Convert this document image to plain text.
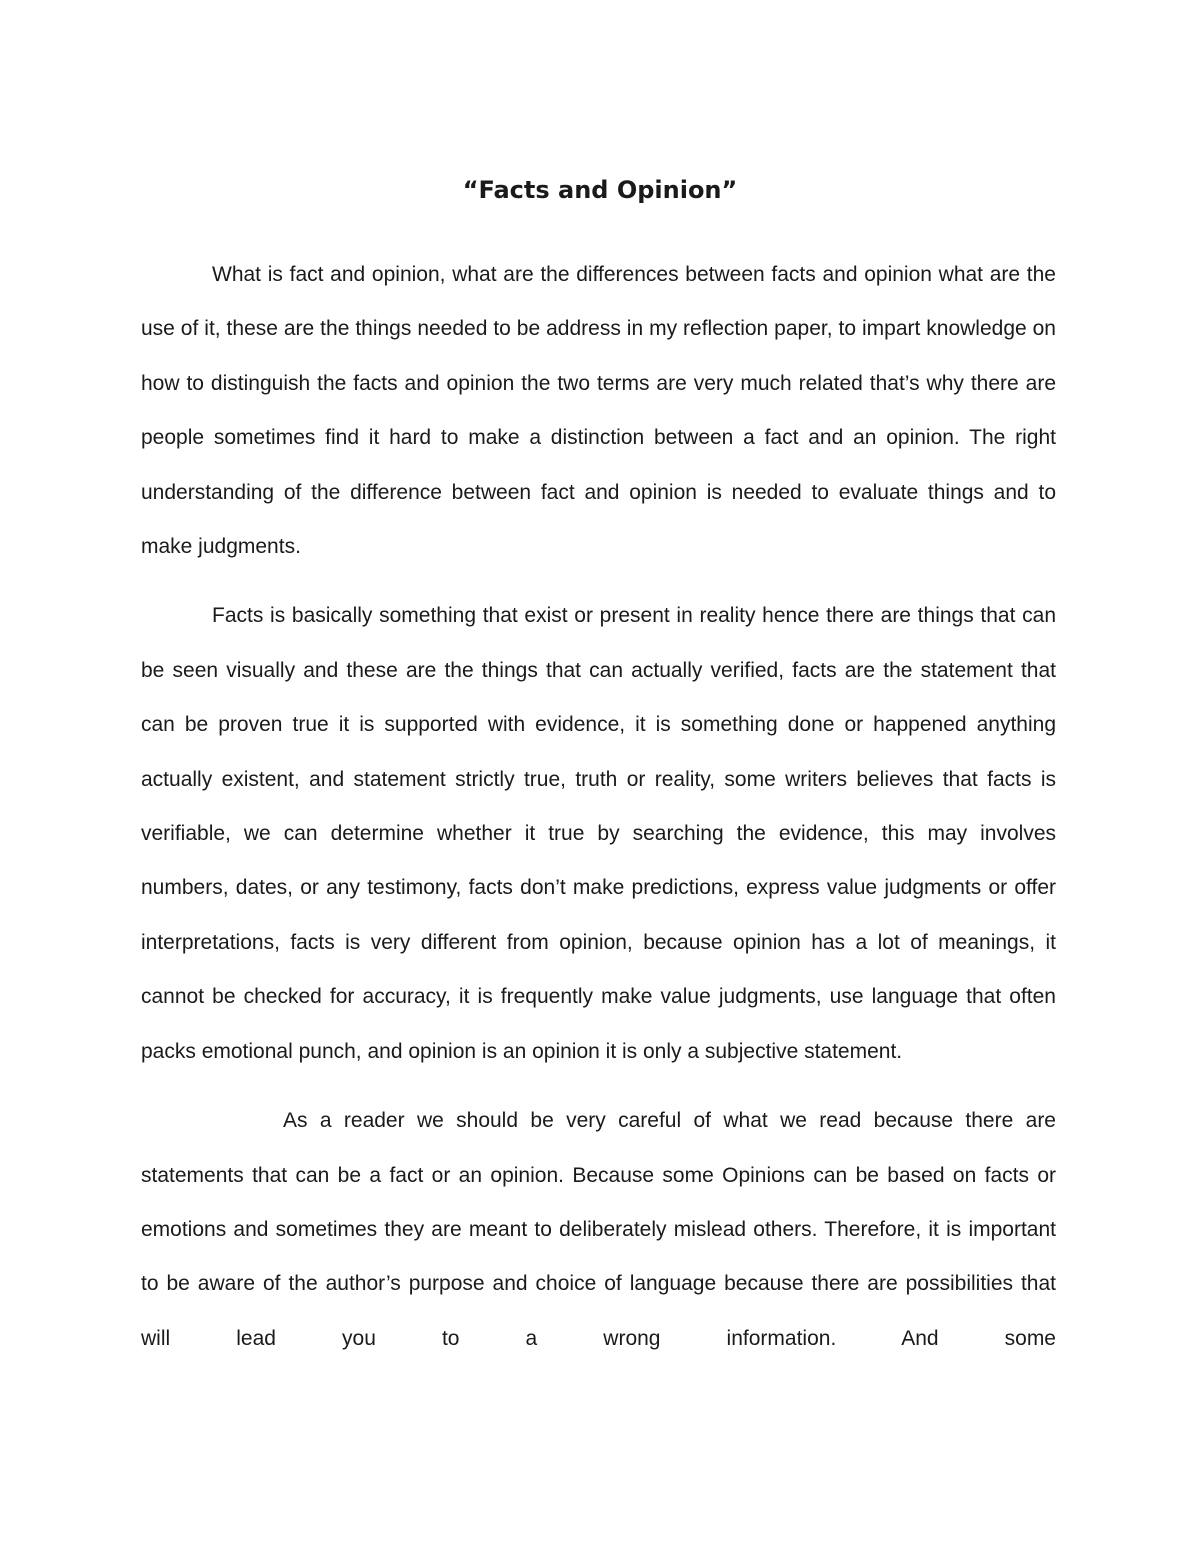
“Facts and Opinion”

What is fact and opinion, what are the differences between facts and opinion what are the use of it, these are the things needed to be address in my reflection paper, to impart knowledge on how to distinguish the facts and opinion the two terms are very much related that’s why there are people sometimes find it hard to make a distinction between a fact and an opinion. The right understanding of the difference between fact and opinion is needed to evaluate things and to make judgments.

Facts is basically something that exist or present in reality hence there are things that can be seen visually and these are the things that can actually verified, facts are the statement that can be proven true it is supported with evidence, it is something done or happened anything actually existent, and statement strictly true, truth or reality, some writers believes that facts is verifiable, we can determine whether it true by searching the evidence, this may involves numbers, dates, or any testimony, facts don’t make predictions, express value judgments or offer interpretations, facts is very different from opinion, because opinion has a lot of meanings, it cannot be checked for accuracy, it is frequently make value judgments, use language that often packs emotional punch, and opinion is an opinion it is only a subjective statement.

As a reader we should be very careful of what we read because there are statements that can be a fact or an opinion. Because some Opinions can be based on facts or emotions and sometimes they are meant to deliberately mislead others. Therefore, it is important to be aware of the author’s purpose and choice of language because there are possibilities that will lead you to a wrong information. And some
